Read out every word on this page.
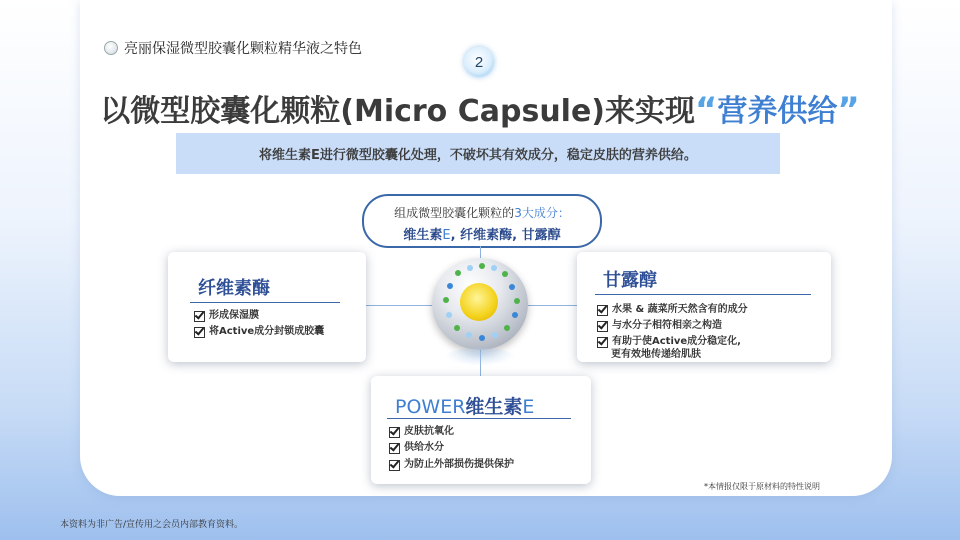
亮丽保湿微型胶囊化颗粒精华液之特色
2
以微型胶囊化颗粒(Micro Capsule)来实现“营养供给”
将维生素E进行微型胶囊化处理，不破坏其有效成分，稳定皮肤的营养供给。
组成微型胶囊化颗粒的3大成分：
维生素E, 纤维素酶, 甘露醇
纤维素酶
形成保湿膜
将Active成分封锁成胶囊
甘露醇
水果 & 蔬菜所天然含有的成分
与水分子相符相亲之构造
有助于使Active成分稳定化,
更有效地传递给肌肤
POWER维生素E
皮肤抗氧化
供给水分
为防止外部损伤提供保护
*本情报仅限于原材料的特性说明
本资料为非广告/宣传用之会员内部教育资料。
